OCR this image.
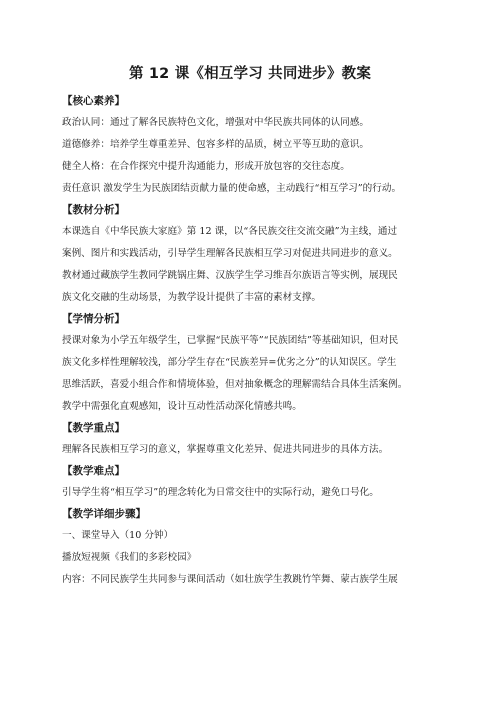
第 12 课《相互学习 共同进步》教案
【核心素养】
政治认同：通过了解各民族特色文化，增强对中华民族共同体的认同感。
道德修养：培养学生尊重差异、包容多样的品质，树立平等互助的意识。
健全人格：在合作探究中提升沟通能力，形成开放包容的交往态度。
责任意识 激发学生为民族团结贡献力量的使命感，主动践行“相互学习”的行动。
【教材分析】
本课选自《中华民族大家庭》第 12 课，以“各民族交往交流交融”为主线，通过
案例、图片和实践活动，引导学生理解各民族相互学习对促进共同进步的意义。
教材通过藏族学生教同学跳锅庄舞、汉族学生学习维吾尔族语言等实例，展现民
族文化交融的生动场景，为教学设计提供了丰富的素材支撑。
【学情分析】
授课对象为小学五年级学生，已掌握“民族平等”“民族团结”等基础知识，但对民
族文化多样性理解较浅，部分学生存在“民族差异=优劣之分”的认知误区。学生
思维活跃，喜爱小组合作和情境体验，但对抽象概念的理解需结合具体生活案例。
教学中需强化直观感知，设计互动性活动深化情感共鸣。
【教学重点】
理解各民族相互学习的意义，掌握尊重文化差异、促进共同进步的具体方法。
【教学难点】
引导学生将“相互学习”的理念转化为日常交往中的实际行动，避免口号化。
【教学详细步骤】
一、课堂导入（10 分钟）
播放短视频《我们的多彩校园》
内容：不同民族学生共同参与课间活动（如壮族学生教跳竹竿舞、蒙古族学生展
